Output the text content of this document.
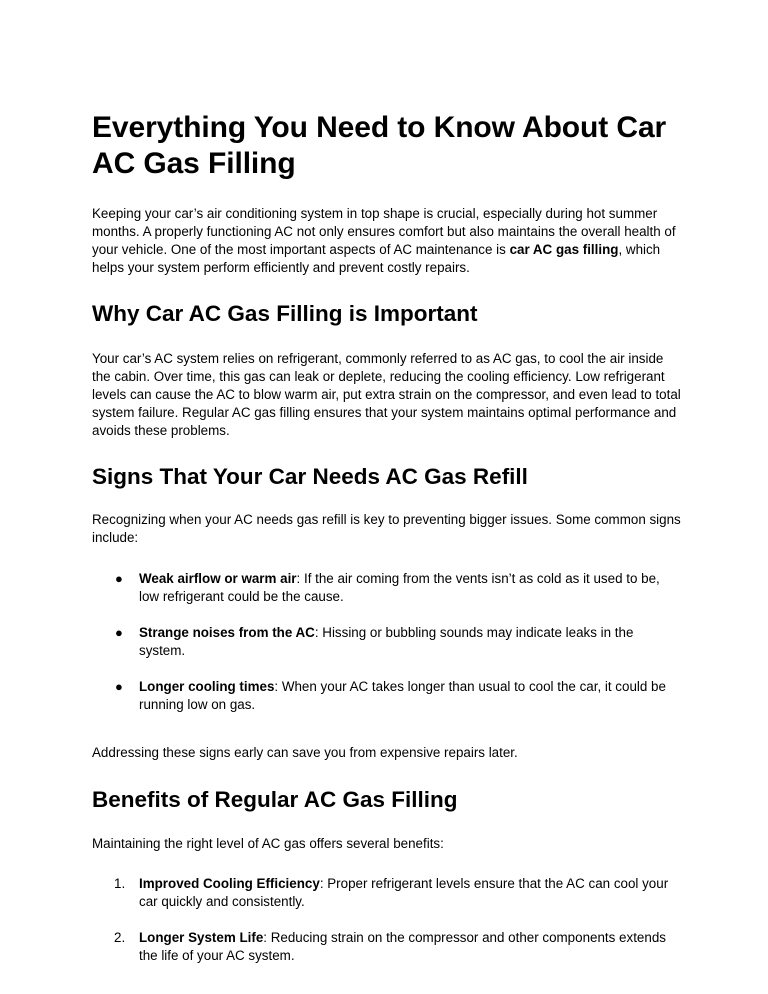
Everything You Need to Know About Car AC Gas Filling

Keeping your car’s air conditioning system in top shape is crucial, especially during hot summer months. A properly functioning AC not only ensures comfort but also maintains the overall health of your vehicle. One of the most important aspects of AC maintenance is car AC gas filling, which helps your system perform efficiently and prevent costly repairs.

Why Car AC Gas Filling is Important

Your car’s AC system relies on refrigerant, commonly referred to as AC gas, to cool the air inside the cabin. Over time, this gas can leak or deplete, reducing the cooling efficiency. Low refrigerant levels can cause the AC to blow warm air, put extra strain on the compressor, and even lead to total system failure. Regular AC gas filling ensures that your system maintains optimal performance and avoids these problems.

Signs That Your Car Needs AC Gas Refill

Recognizing when your AC needs gas refill is key to preventing bigger issues. Some common signs include:

● Weak airflow or warm air: If the air coming from the vents isn’t as cold as it used to be, low refrigerant could be the cause.
● Strange noises from the AC: Hissing or bubbling sounds may indicate leaks in the system.
● Longer cooling times: When your AC takes longer than usual to cool the car, it could be running low on gas.

Addressing these signs early can save you from expensive repairs later.

Benefits of Regular AC Gas Filling

Maintaining the right level of AC gas offers several benefits:

1. Improved Cooling Efficiency: Proper refrigerant levels ensure that the AC can cool your car quickly and consistently.
2. Longer System Life: Reducing strain on the compressor and other components extends the life of your AC system.
